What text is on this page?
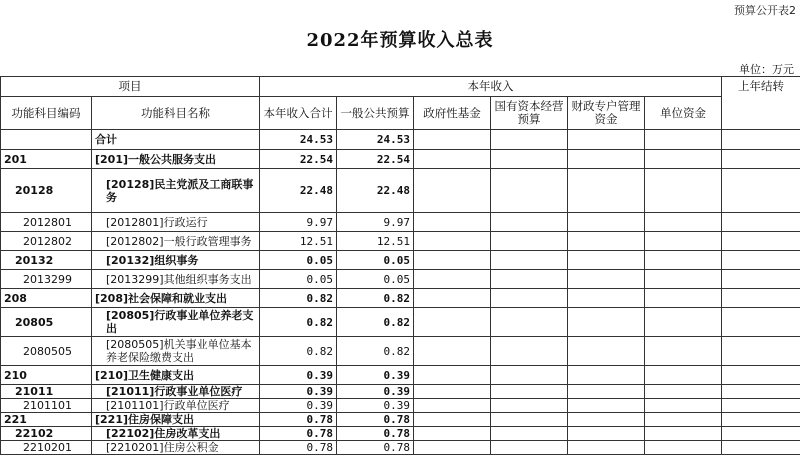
预算公开表2
2022年预算收入总表
单位：万元
项目		本年收入						上年结转
功能科目编码	功能科目名称	本年收入合计	一般公共预算	政府性基金	国有资本经营预算	财政专户管理资金	单位资金	
	合计	24.53	24.53					
201	[201]一般公共服务支出	22.54	22.54					
20128	[20128]民主党派及工商联事务	22.48	22.48					
2012801	[2012801]行政运行	9.97	9.97					
2012802	[2012802]一般行政管理事务	12.51	12.51					
20132	[20132]组织事务	0.05	0.05					
2013299	[2013299]其他组织事务支出	0.05	0.05					
208	[208]社会保障和就业支出	0.82	0.82					
20805	[20805]行政事业单位养老支出	0.82	0.82					
2080505	[2080505]机关事业单位基本养老保险缴费支出	0.82	0.82					
210	[210]卫生健康支出	0.39	0.39					
21011	[21011]行政事业单位医疗	0.39	0.39					
2101101	[2101101]行政单位医疗	0.39	0.39					
221	[221]住房保障支出	0.78	0.78					
22102	[22102]住房改革支出	0.78	0.78					
2210201	[2210201]住房公积金	0.78	0.78					
